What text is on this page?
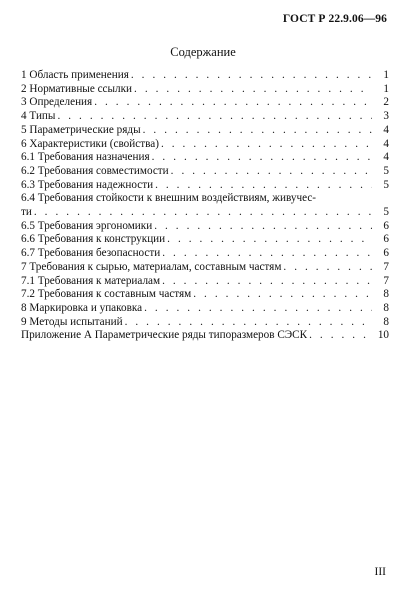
ГОСТ Р 22.9.06—96
Содержание
1 Область применения . . .	1
2 Нормативные ссылки . . .	1
3 Определения . . .	2
4 Типы . . .	3
5 Параметрические ряды . . .	4
6 Характеристики (свойства) . . .	4
6.1 Требования назначения . . .	4
6.2 Требования совместимости . . .	5
6.3 Требования надежности . . .	5
6.4 Требования стойкости к внешним воздействиям, живучес-
ти . . .	5
6.5 Требования эргономики . . .	6
6.6 Требования к конструкции . . .	6
6.7 Требования безопасности . . .	6
7 Требования к сырью, материалам, составным частям . . .	7
7.1 Требования к материалам . . .	7
7.2 Требования к составным частям . . .	8
8 Маркировка и упаковка . . .	8
9 Методы испытаний . . .	8
Приложение А Параметрические ряды типоразмеров СЭСК . . .	10
III
